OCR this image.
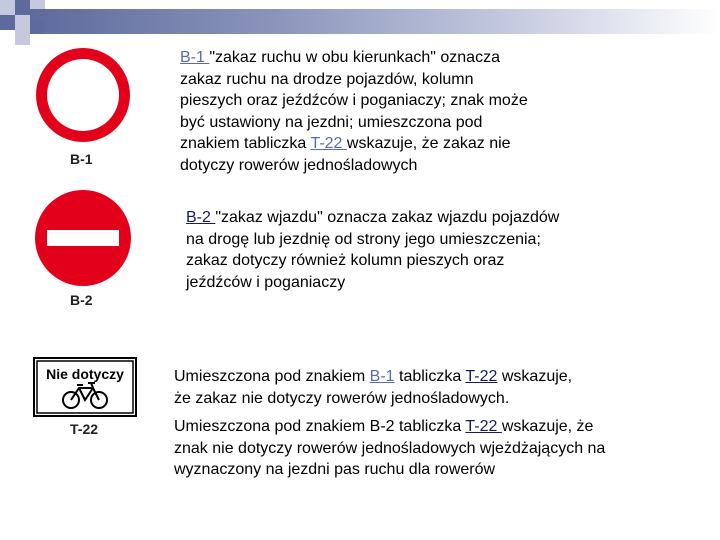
B-1
B-2
Nie dotyczy
T-22
B-1 "zakaz ruchu w obu kierunkach" oznacza
zakaz ruchu na drodze pojazdów, kolumn
pieszych oraz jeźdźców i poganiaczy; znak może
być ustawiony na jezdni; umieszczona pod
znakiem tabliczka T-22 wskazuje, że zakaz nie
dotyczy rowerów jednośladowych
B-2 "zakaz wjazdu" oznacza zakaz wjazdu pojazdów
na drogę lub jezdnię od strony jego umieszczenia;
zakaz dotyczy również kolumn pieszych oraz
jeźdźców i poganiaczy
Umieszczona pod znakiem B-1 tabliczka T-22 wskazuje,
że zakaz nie dotyczy rowerów jednośladowych.
Umieszczona pod znakiem B-2 tabliczka T-22 wskazuje, że
znak nie dotyczy rowerów jednośladowych wjeżdżających na
wyznaczony na jezdni pas ruchu dla rowerów
